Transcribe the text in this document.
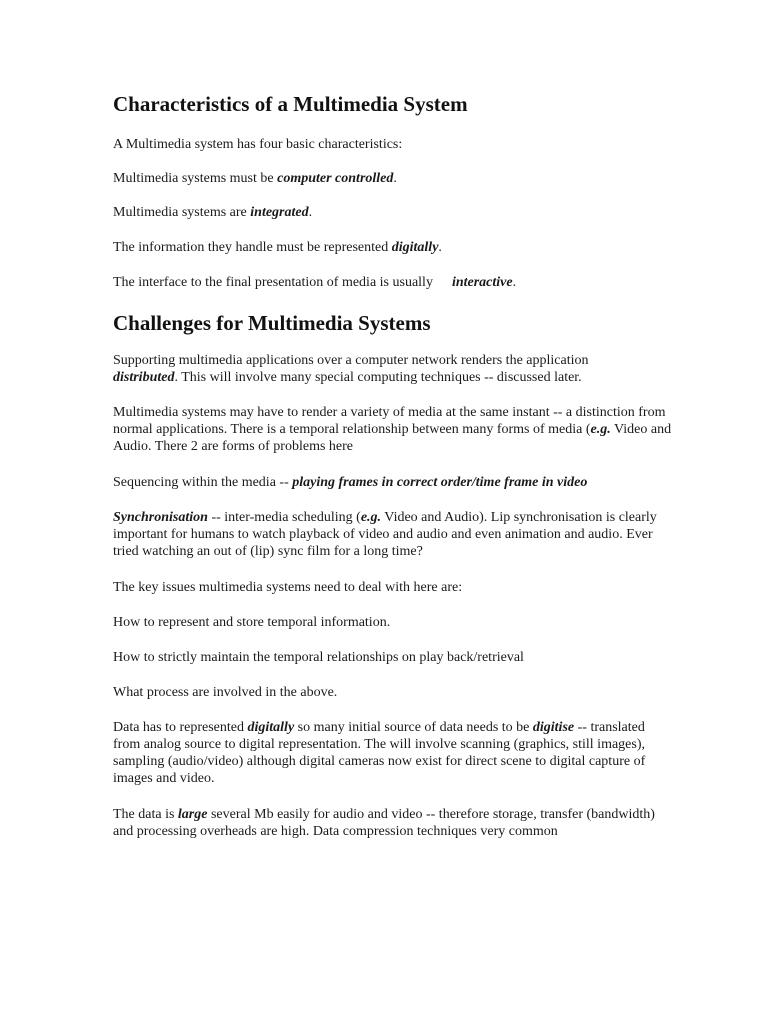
Characteristics of a Multimedia System

A Multimedia system has four basic characteristics:

Multimedia systems must be computer controlled.

Multimedia systems are integrated.

The information they handle must be represented digitally.

The interface to the final presentation of media is usually interactive.

Challenges for Multimedia Systems

Supporting multimedia applications over a computer network renders the application
distributed. This will involve many special computing techniques -- discussed later.

Multimedia systems may have to render a variety of media at the same instant -- a distinction from normal applications. There is a temporal relationship between many forms of media (e.g. Video and Audio. There 2 are forms of problems here

Sequencing within the media -- playing frames in correct order/time frame in video

Synchronisation -- inter-media scheduling (e.g. Video and Audio). Lip synchronisation is clearly important for humans to watch playback of video and audio and even animation and audio. Ever tried watching an out of (lip) sync film for a long time?

The key issues multimedia systems need to deal with here are:

How to represent and store temporal information.

How to strictly maintain the temporal relationships on play back/retrieval

What process are involved in the above.

Data has to represented digitally so many initial source of data needs to be digitise -- translated from analog source to digital representation. The will involve scanning (graphics, still images), sampling (audio/video) although digital cameras now exist for direct scene to digital capture of images and video.

The data is large several Mb easily for audio and video -- therefore storage, transfer (bandwidth) and processing overheads are high. Data compression techniques very common
